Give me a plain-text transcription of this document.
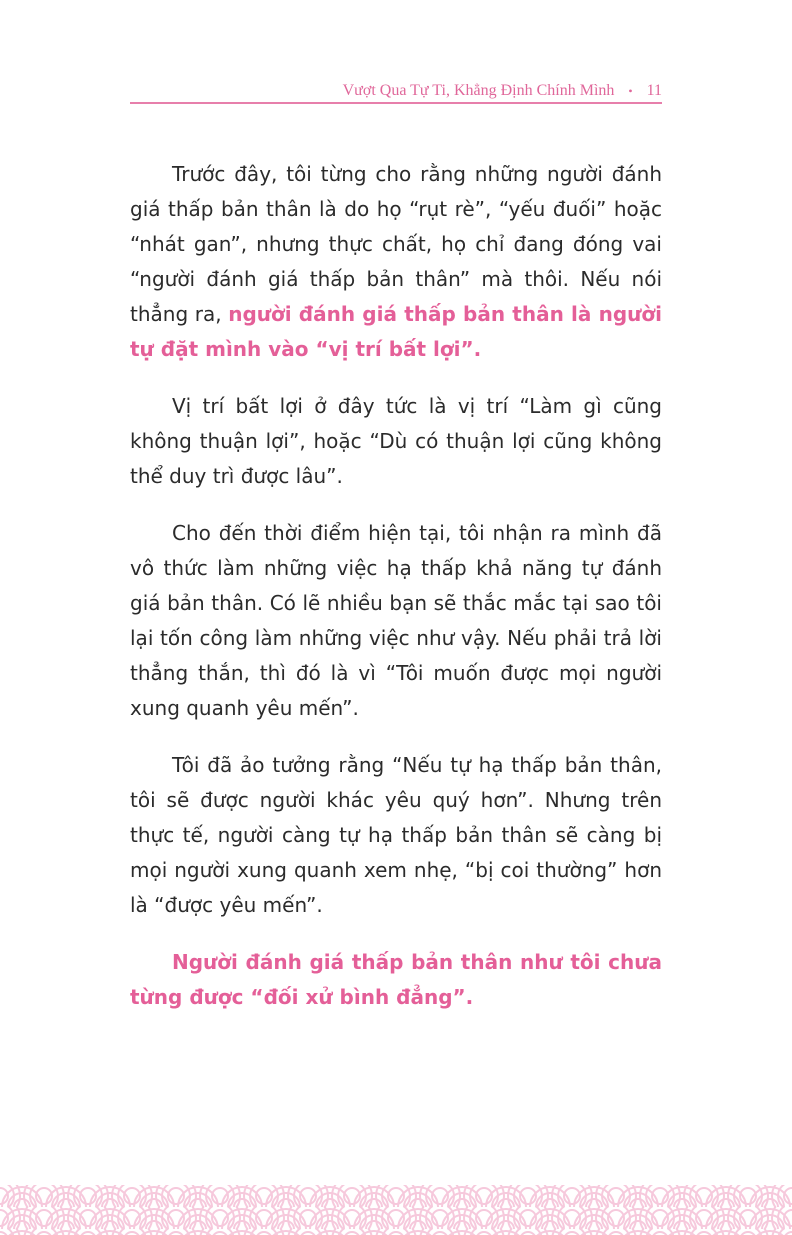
Vượt Qua Tự Ti, Khẳng Định Chính Mình • 11

Trước đây, tôi từng cho rằng những người đánh giá thấp bản thân là do họ “rụt rè”, “yếu đuối” hoặc “nhát gan”, nhưng thực chất, họ chỉ đang đóng vai “người đánh giá thấp bản thân” mà thôi. Nếu nói thẳng ra, người đánh giá thấp bản thân là người tự đặt mình vào “vị trí bất lợi”.

Vị trí bất lợi ở đây tức là vị trí “Làm gì cũng không thuận lợi”, hoặc “Dù có thuận lợi cũng không thể duy trì được lâu”.

Cho đến thời điểm hiện tại, tôi nhận ra mình đã vô thức làm những việc hạ thấp khả năng tự đánh giá bản thân. Có lẽ nhiều bạn sẽ thắc mắc tại sao tôi lại tốn công làm những việc như vậy. Nếu phải trả lời thẳng thắn, thì đó là vì “Tôi muốn được mọi người xung quanh yêu mến”.

Tôi đã ảo tưởng rằng “Nếu tự hạ thấp bản thân, tôi sẽ được người khác yêu quý hơn”. Nhưng trên thực tế, người càng tự hạ thấp bản thân sẽ càng bị mọi người xung quanh xem nhẹ, “bị coi thường” hơn là “được yêu mến”.

Người đánh giá thấp bản thân như tôi chưa từng được “đối xử bình đẳng”.
